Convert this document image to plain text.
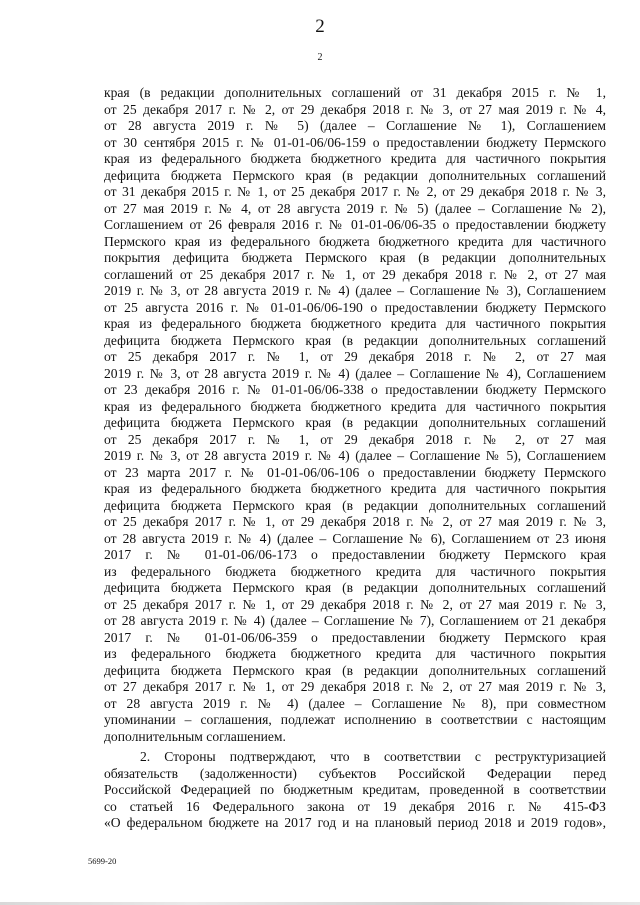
2
2
края (в редакции дополнительных соглашений от 31 декабря 2015 г. № 1,
от 25 декабря 2017 г. № 2, от 29 декабря 2018 г. № 3, от 27 мая 2019 г. № 4,
от 28 августа 2019 г. № 5) (далее – Соглашение № 1), Соглашением
от 30 сентября 2015 г. № 01-01-06/06-159 о предоставлении бюджету Пермского
края из федерального бюджета бюджетного кредита для частичного покрытия
дефицита бюджета Пермского края (в редакции дополнительных соглашений
от 31 декабря 2015 г. № 1, от 25 декабря 2017 г. № 2, от 29 декабря 2018 г. № 3,
от 27 мая 2019 г. № 4, от 28 августа 2019 г. № 5) (далее – Соглашение № 2),
Соглашением от 26 февраля 2016 г. № 01-01-06/06-35 о предоставлении бюджету
Пермского края из федерального бюджета бюджетного кредита для частичного
покрытия дефицита бюджета Пермского края (в редакции дополнительных
соглашений от 25 декабря 2017 г. № 1, от 29 декабря 2018 г. № 2, от 27 мая
2019 г. № 3, от 28 августа 2019 г. № 4) (далее – Соглашение № 3), Соглашением
от 25 августа 2016 г. № 01-01-06/06-190 о предоставлении бюджету Пермского
края из федерального бюджета бюджетного кредита для частичного покрытия
дефицита бюджета Пермского края (в редакции дополнительных соглашений
от 25 декабря 2017 г. № 1, от 29 декабря 2018 г. № 2, от 27 мая
2019 г. № 3, от 28 августа 2019 г. № 4) (далее – Соглашение № 4), Соглашением
от 23 декабря 2016 г. № 01-01-06/06-338 о предоставлении бюджету Пермского
края из федерального бюджета бюджетного кредита для частичного покрытия
дефицита бюджета Пермского края (в редакции дополнительных соглашений
от 25 декабря 2017 г. № 1, от 29 декабря 2018 г. № 2, от 27 мая
2019 г. № 3, от 28 августа 2019 г. № 4) (далее – Соглашение № 5), Соглашением
от 23 марта 2017 г. № 01-01-06/06-106 о предоставлении бюджету Пермского
края из федерального бюджета бюджетного кредита для частичного покрытия
дефицита бюджета Пермского края (в редакции дополнительных соглашений
от 25 декабря 2017 г. № 1, от 29 декабря 2018 г. № 2, от 27 мая 2019 г. № 3,
от 28 августа 2019 г. № 4) (далее – Соглашение № 6), Соглашением от 23 июня
2017 г. № 01-01-06/06-173 о предоставлении бюджету Пермского края
из федерального бюджета бюджетного кредита для частичного покрытия
дефицита бюджета Пермского края (в редакции дополнительных соглашений
от 25 декабря 2017 г. № 1, от 29 декабря 2018 г. № 2, от 27 мая 2019 г. № 3,
от 28 августа 2019 г. № 4) (далее – Соглашение № 7), Соглашением от 21 декабря
2017 г. № 01-01-06/06-359 о предоставлении бюджету Пермского края
из федерального бюджета бюджетного кредита для частичного покрытия
дефицита бюджета Пермского края (в редакции дополнительных соглашений
от 27 декабря 2017 г. № 1, от 29 декабря 2018 г. № 2, от 27 мая 2019 г. № 3,
от 28 августа 2019 г. № 4) (далее – Соглашение № 8), при совместном
упоминании – соглашения, подлежат исполнению в соответствии с настоящим
дополнительным соглашением.
2. Стороны подтверждают, что в соответствии с реструктуризацией
обязательств (задолженности) субъектов Российской Федерации перед
Российской Федерацией по бюджетным кредитам, проведенной в соответствии
со статьей 16 Федерального закона от 19 декабря 2016 г. № 415-ФЗ
«О федеральном бюджете на 2017 год и на плановый период 2018 и 2019 годов»,
5699-20
